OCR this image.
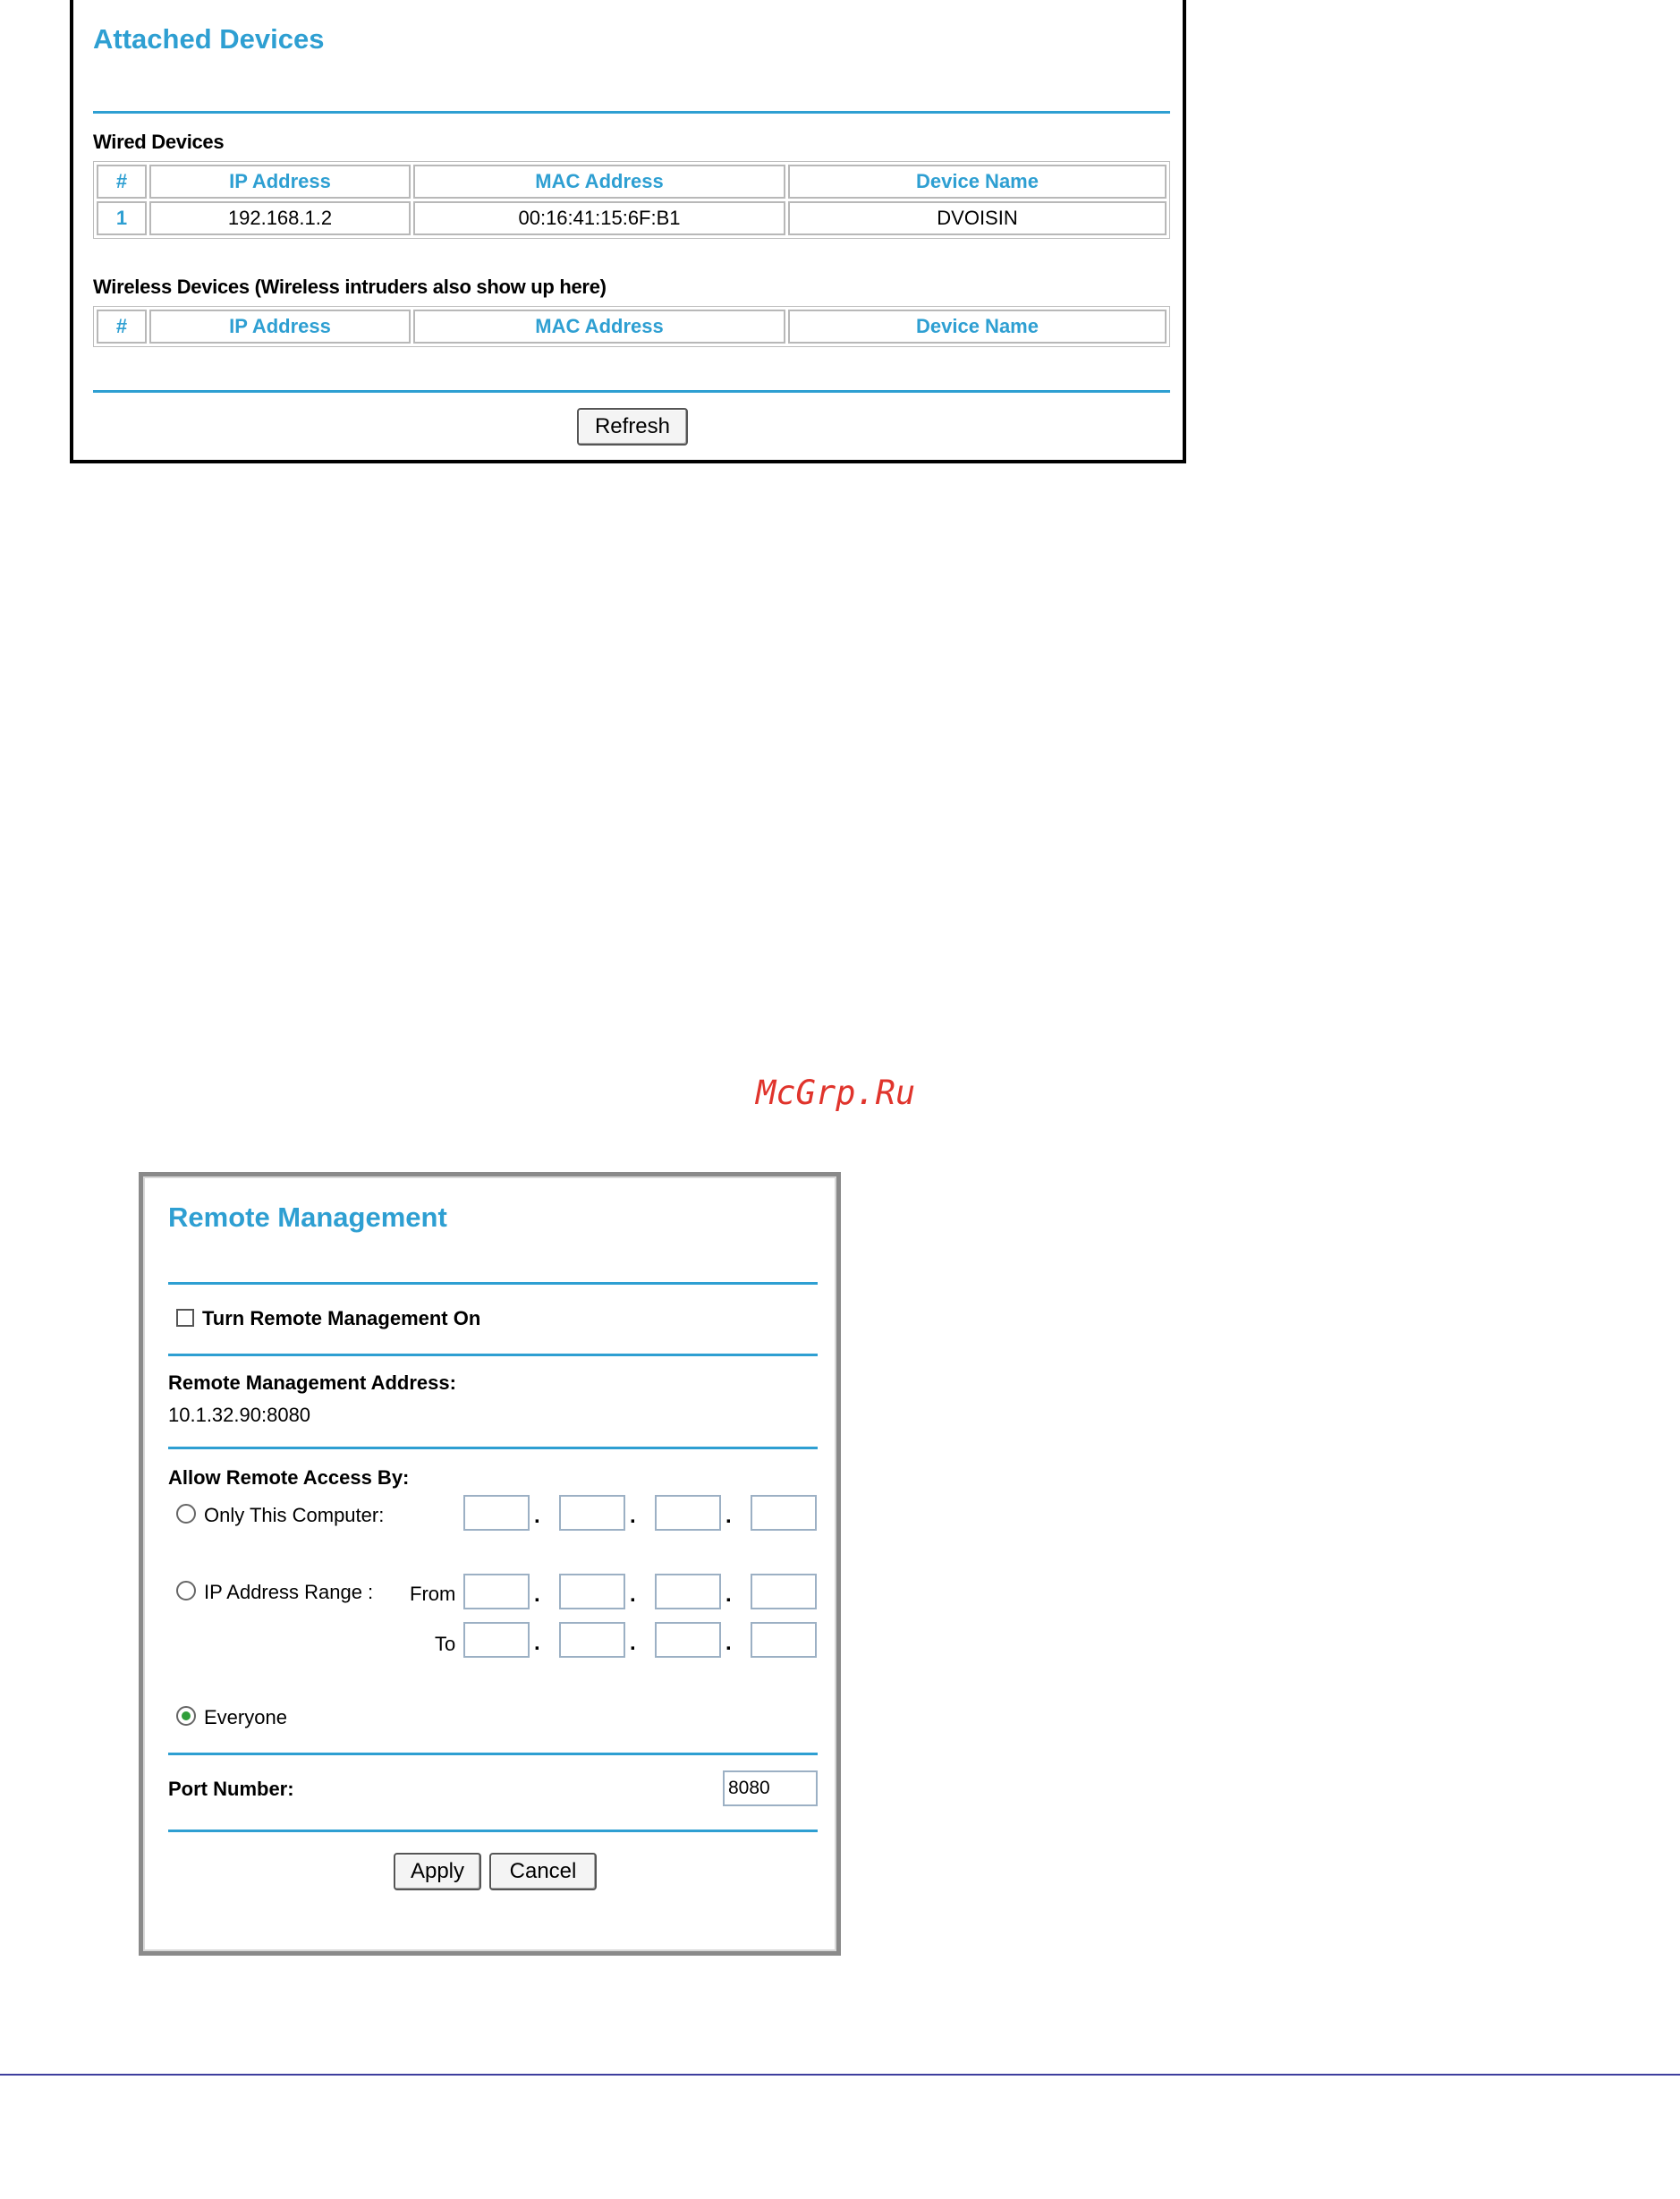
Attached Devices
Wired Devices
#	IP Address	MAC Address	Device Name
1	192.168.1.2	00:16:41:15:6F:B1	DVOISIN
Wireless Devices (Wireless intruders also show up here)
#	IP Address	MAC Address	Device Name
Refresh
McGrp.Ru
Remote Management
Turn Remote Management On
Remote Management Address:
10.1.32.90:8080
Allow Remote Access By:
Only This Computer:	.	.	.
IP Address Range : From	.	.	.
To	.	.	.
Everyone
Port Number:
8080
Apply	Cancel
